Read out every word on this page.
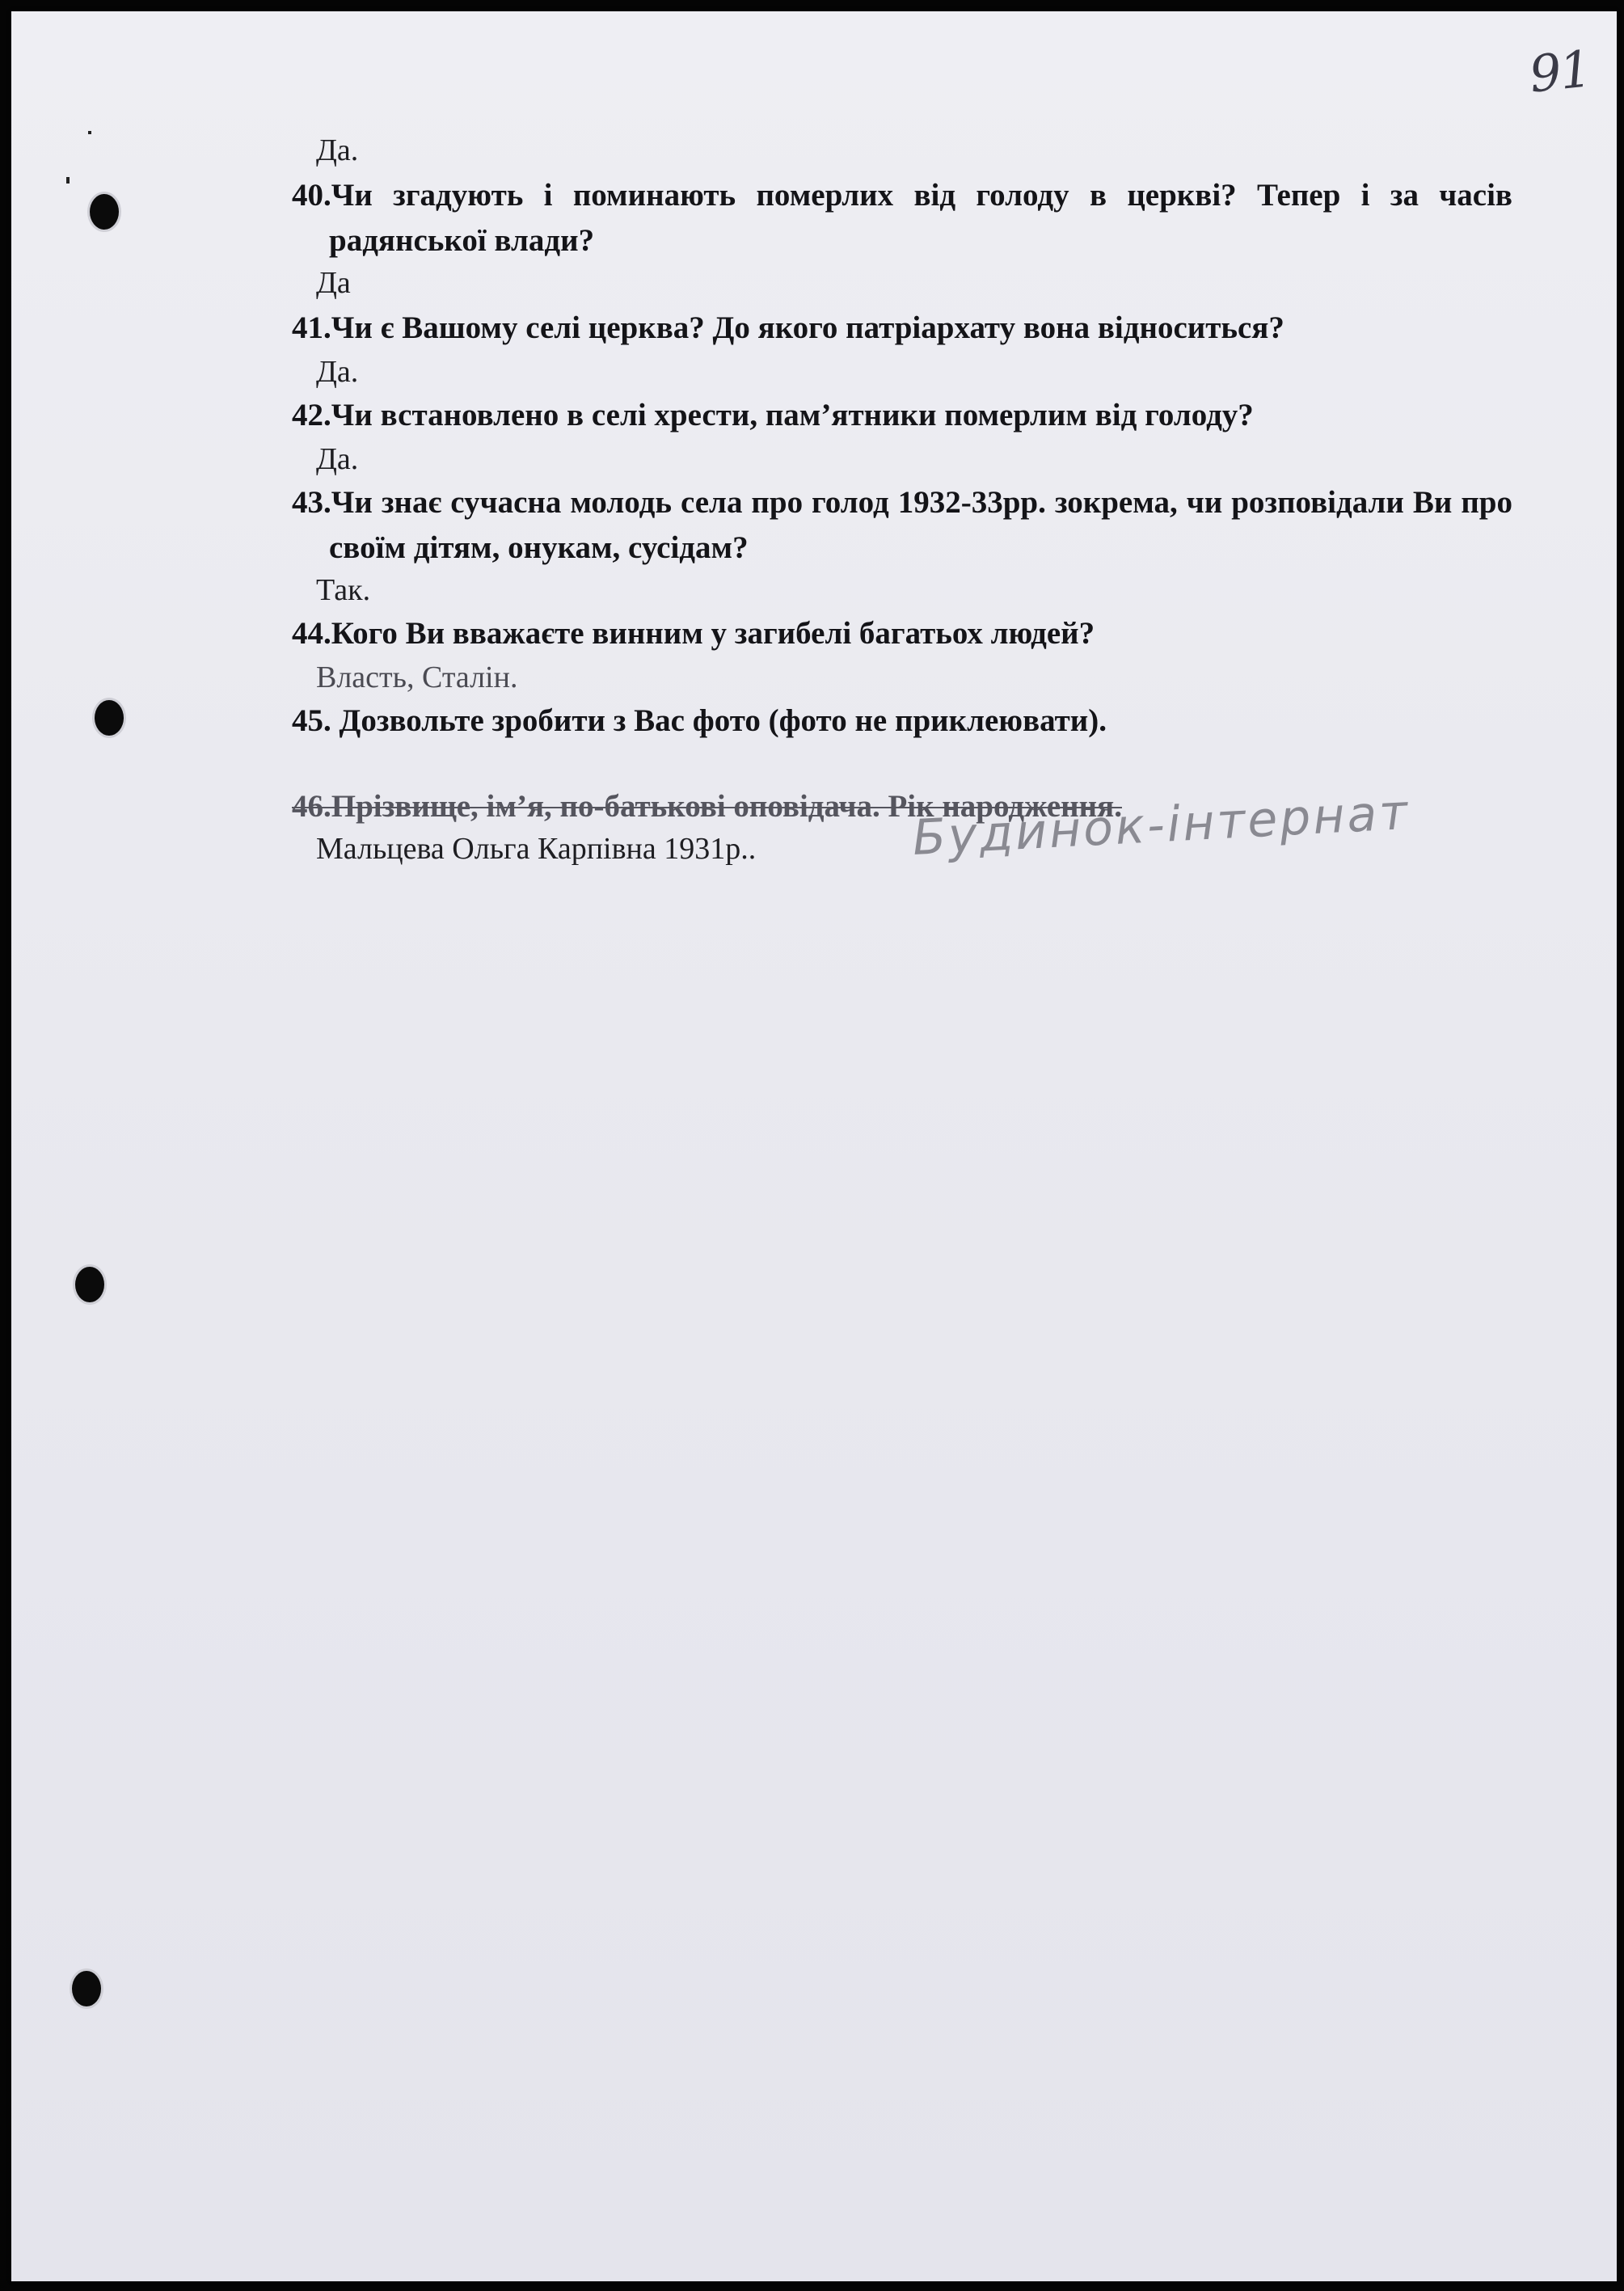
91
Да.
40.Чи згадують і поминають померлих від голоду в церкві? Тепер і за часів радянської влади?
Да
41.Чи є Вашому селі церква? До якого патріархату вона відноситься?
Да.
42.Чи встановлено в селі хрести, пам’ятники померлим від голоду?
Да.
43.Чи знає сучасна молодь села про голод 1932-33рр. зокрема, чи розповідали Ви про своїм дітям, онукам, сусідам?
Так.
44.Кого Ви вважаєте винним у загибелі багатьох людей?
Власть, Сталін.
45. Дозвольте зробити з Вас фото (фото не приклеювати).
46.Прізвище, ім’я, по-батькові оповідача. Рік народження.
Мальцева Ольга Карпівна 1931р..	Будинок-інтернат
